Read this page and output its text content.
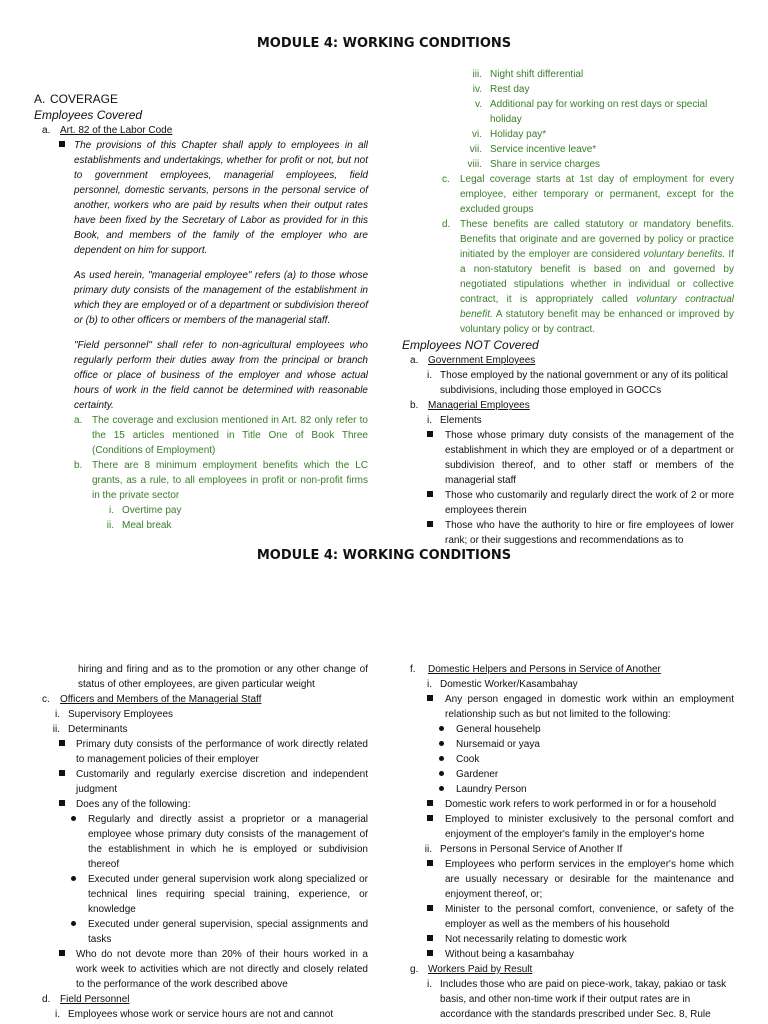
MODULE 4: WORKING CONDITIONS
A. COVERAGE
Employees Covered
a. Art. 82 of the Labor Code
The provisions of this Chapter shall apply to employees in all establishments and undertakings, whether for profit or not, but not to government employees, managerial employees, field personnel, domestic servants, persons in the personal service of another, workers who are paid by results when their output rates have been fixed by the Secretary of Labor as provided for in this Book, and members of the family of the employer who are dependent on him for support.
As used herein, "managerial employee" refers (a) to those whose primary duty consists of the management of the establishment in which they are employed or of a department or subdivision thereof or (b) to other officers or members of the managerial staff.
"Field personnel" shall refer to non-agricultural employees who regularly perform their duties away from the principal or branch office or place of business of the employer and whose actual hours of work in the field cannot be determined with reasonable certainty.
a. The coverage and exclusion mentioned in Art. 82 only refer to the 15 articles mentioned in Title One of Book Three (Conditions of Employment)
b. There are 8 minimum employment benefits which the LC grants, as a rule, to all employees in profit or non-profit firms in the private sector
i. Overtime pay
ii. Meal break
iii. Night shift differential
iv. Rest day
v. Additional pay for working on rest days or special holiday
vi. Holiday pay*
vii. Service incentive leave*
viii. Share in service charges
c.	Legal coverage starts at 1st day of employment for every employee, either temporary or permanent, except for the excluded groups
d. These benefits are called statutory or mandatory benefits. Benefits that originate and are governed by policy or practice initiated by the employer are considered voluntary benefits. If a non-statutory benefit is based on and governed by negotiated stipulations whether in individual or collective contract, it is appropriately called voluntary contractual benefit. A statutory benefit may be enhanced or improved by voluntary policy or by contract.
Employees NOT Covered
a. Government Employees
i. Those employed by the national government or any of its political subdivisions, including those employed in GOCCs
b. Managerial Employees
i. Elements
Those whose primary duty consists of the management of the establishment in which they are employed or of a department or subdivision thereof, and to other staff or members of the managerial staff
Those who customarily and regularly direct the work of 2 or more employees therein
Those who have the authority to hire or fire employees of lower rank; or their suggestions and recommendations as to
MODULE 4: WORKING CONDITIONS
hiring and firing and as to the promotion or any other change of status of other employees, are given particular weight
c.	Officers and Members of the Managerial Staff
i. Supervisory Employees
ii. Determinants
Primary duty consists of the performance of work directly related to management policies of their employer
Customarily and regularly exercise discretion and independent judgment
Does any of the following:
Regularly and directly assist a proprietor or a managerial employee whose primary duty consists of the management of the establishment in which he is employed or subdivision thereof
Executed under general supervision work along specialized or technical lines requiring special training, experience, or knowledge
Executed under general supervision, special assignments and tasks
Who do not devote more than 20% of their hours worked in a work week to activities which are not directly and closely related to the performance of the work described above
d. Field Personnel
i. Employees whose work or service hours are not and cannot
f.	Domestic Helpers and Persons in Service of Another
i. Domestic Worker/Kasambahay
Any person engaged in domestic work within an employment relationship such as but not limited to the following:
General househelp
Nursemaid or yaya
Cook
Gardener
Laundry Person
Domestic work refers to work performed in or for a household
Employed to minister exclusively to the personal comfort and enjoyment of the employer's family in the employer's home
ii. Persons in Personal Service of Another If
Employees who perform services in the employer's home which are usually necessary or desirable for the maintenance and enjoyment thereof, or;
Minister to the personal comfort, convenience, or safety of the employer as well as the members of his household
Not necessarily relating to domestic work
Without being a kasambahay
g. Workers Paid by Result
i. Includes those who are paid on piece-work, takay, pakiao or task basis, and other non-time work if their output rates are in accordance with the standards prescribed under Sec. 8, Rule
